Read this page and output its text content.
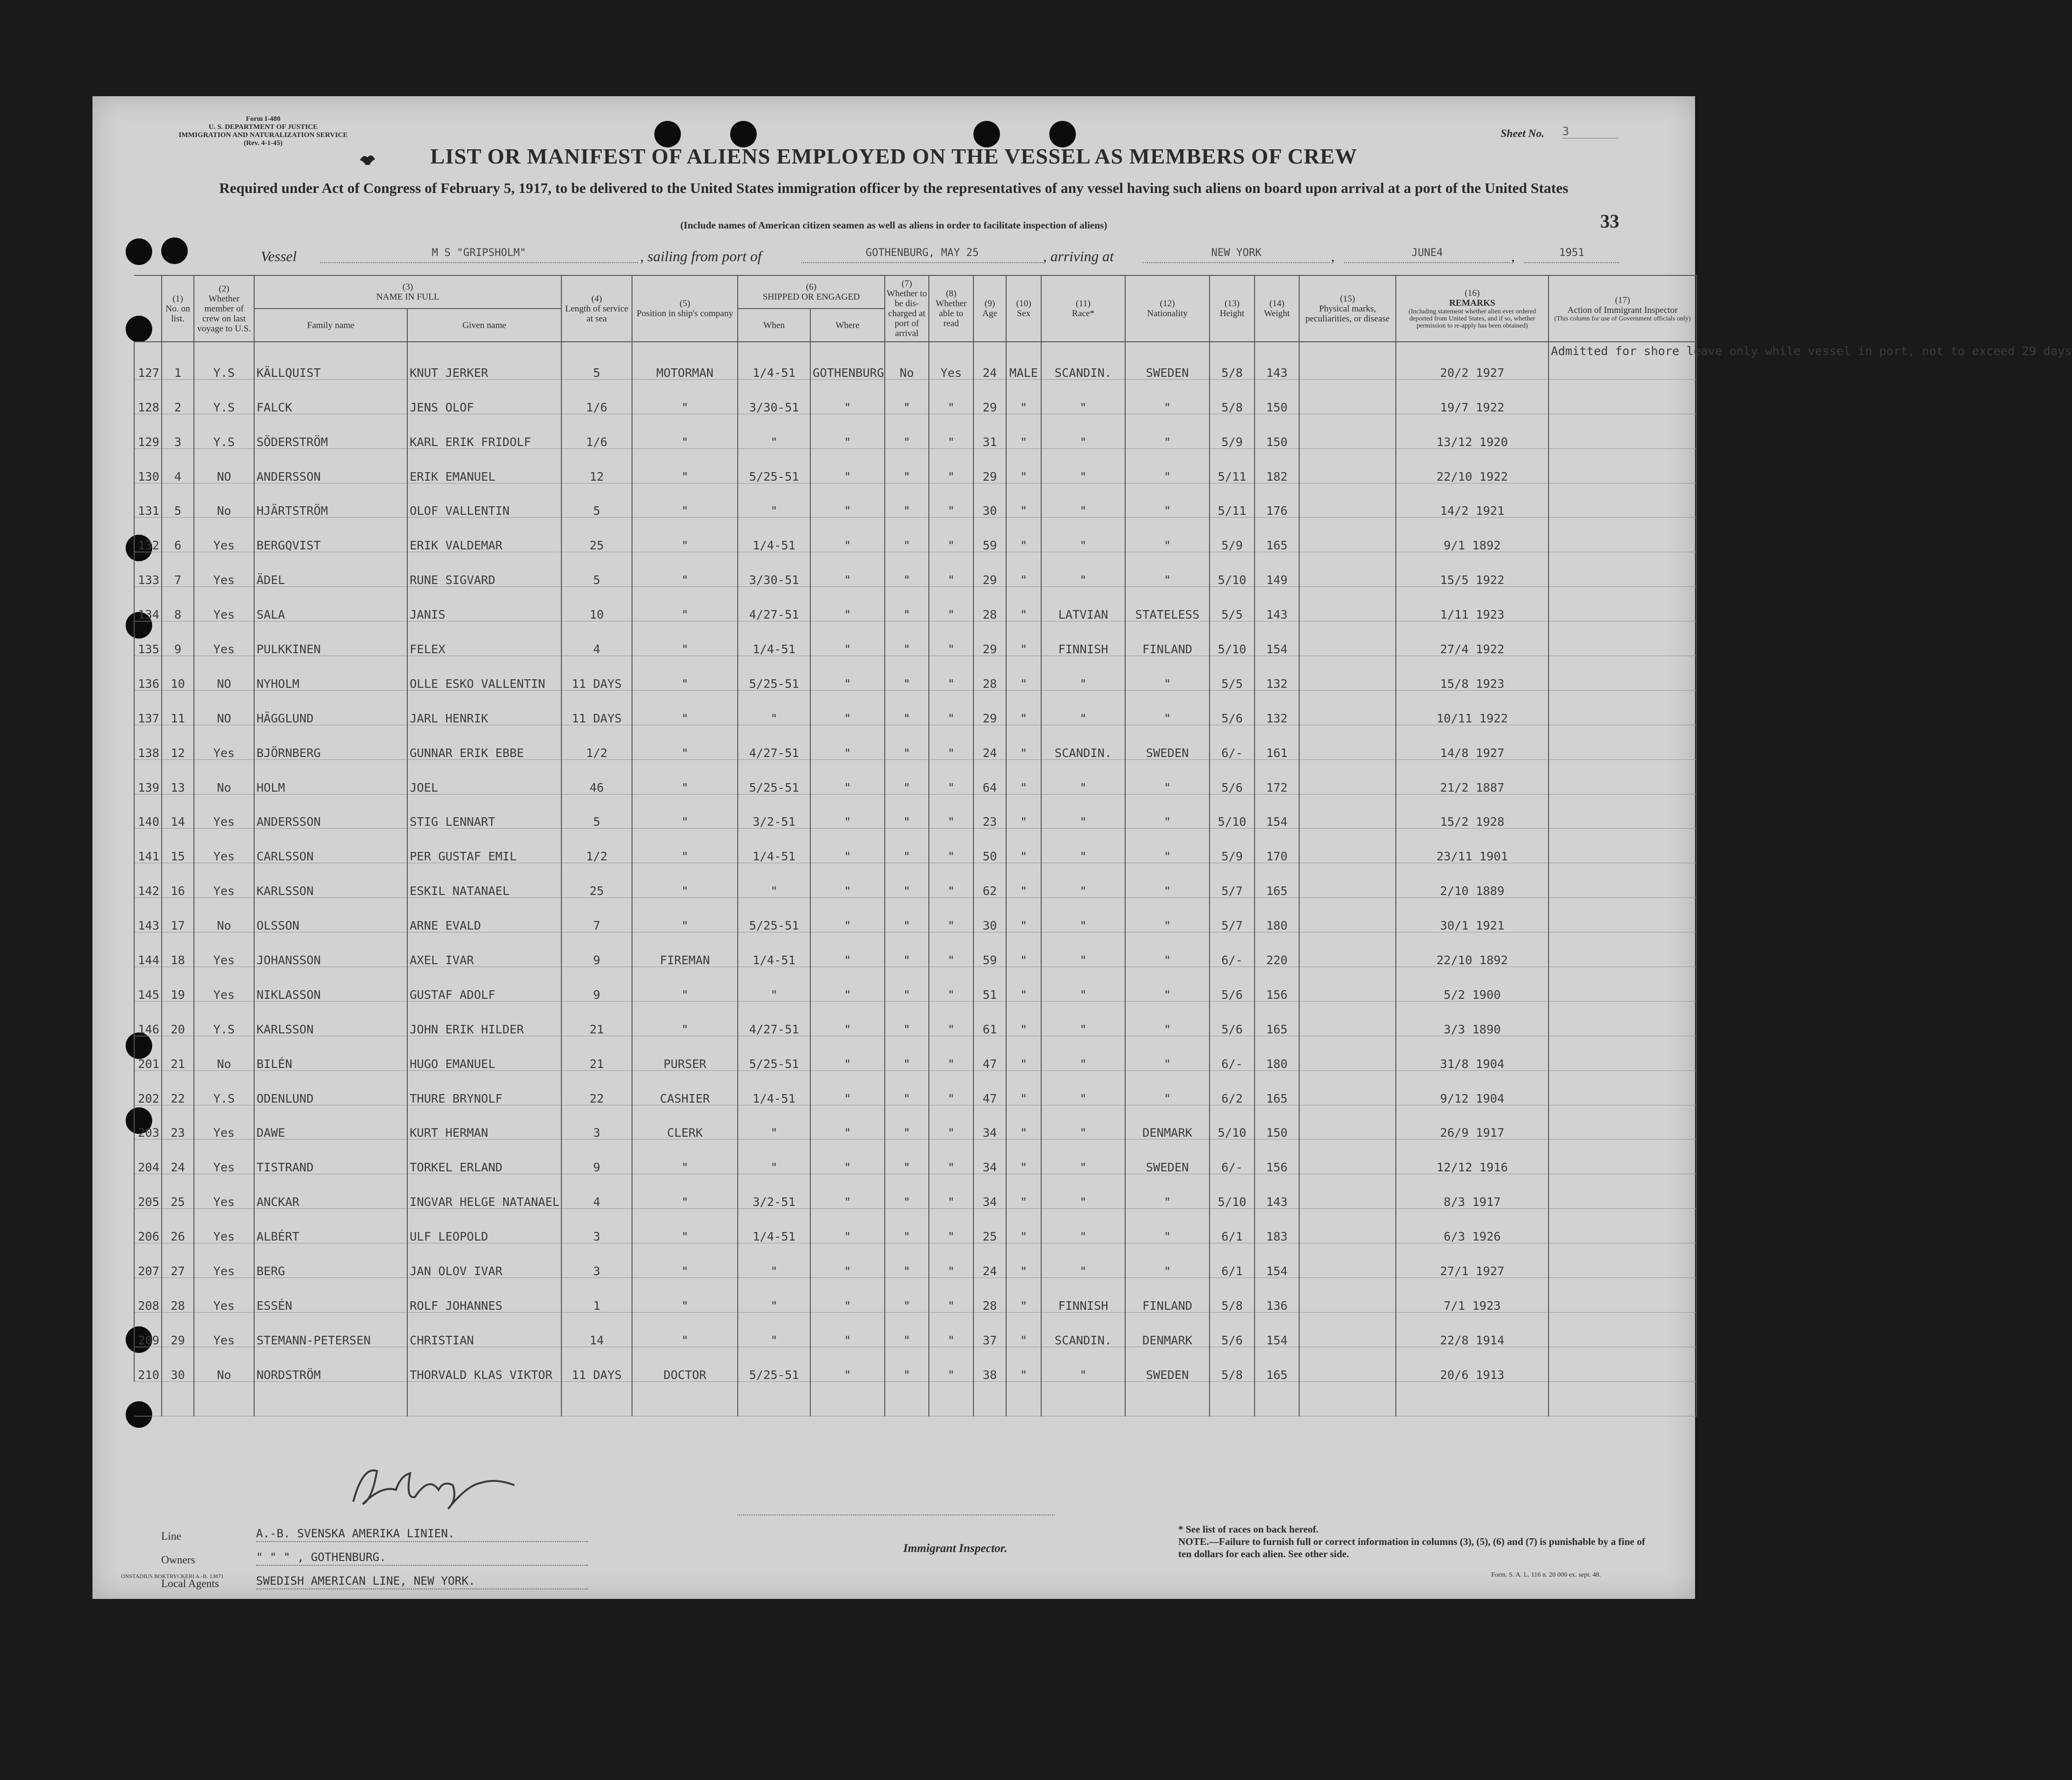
Form I-480
U. S. DEPARTMENT OF JUSTICE
IMMIGRATION AND NATURALIZATION SERVICE
(Rev. 4-1-45)
LIST OR MANIFEST OF ALIENS EMPLOYED ON THE VESSEL AS MEMBERS OF CREW
Required under Act of Congress of February 5, 1917, to be delivered to the United States immigration officer by the representatives of any vessel having such aliens on board upon arrival at a port of the United States
(Include names of American citizen seamen as well as aliens in order to facilitate inspection of aliens)
Sheet No. 3
33
Vessel	M S "GRIPSHOLM"	, sailing from port of	GOTHENBURG, MAY 25	, arriving at	NEW YORK	,	JUNE4	,	1951
	(1)
No. on list.	(2)
Whether member of crew on last voyage to U.S.	(3)
NAME IN FULL		(4)
Length of service at sea	(5)
Position in ship's company	(6)
SHIPPED OR ENGAGED		(7)
Whether to be dis-charged at port of arrival	(8)
Whether able to read	(9)
Age	(10)
Sex	(11)
Race*	(12)
Nationality	(13)
Height	(14)
Weight	(15)
Physical marks, peculiarities, or disease	(16)
REMARKS

(Including statement whether alien ever ordered deported from United States, and if so, whether permission to re-apply has been obtained)	(17)
Action of Immigrant Inspector

(This column for use of Government officials only)

			Family name	Given name			When	Where											
127	1	Y.S	KÄLLQUIST	KNUT JERKER	5	MOTORMAN	1/4-51	GOTHENBURG	No	Yes	24	MALE	SCANDIN.	SWEDEN	5/8	143		20/2 1927	Admitted for shore leave only while vessel in port, not to exceed 29 days
128	2	Y.S	FALCK	JENS OLOF	1/6	"	3/30-51	"	"	"	29	"	"	"	5/8	150		19/7 1922	
129	3	Y.S	SÖDERSTRÖM	KARL ERIK FRIDOLF	1/6	"	"	"	"	"	31	"	"	"	5/9	150		13/12 1920	
130	4	NO	ANDERSSON	ERIK EMANUEL	12	"	5/25-51	"	"	"	29	"	"	"	5/11	182		22/10 1922	
131	5	No	HJÄRTSTRÖM	OLOF VALLENTIN	5	"	"	"	"	"	30	"	"	"	5/11	176		14/2 1921	
132	6	Yes	BERGQVIST	ERIK VALDEMAR	25	"	1/4-51	"	"	"	59	"	"	"	5/9	165		9/1 1892	
133	7	Yes	ÄDEL	RUNE SIGVARD	5	"	3/30-51	"	"	"	29	"	"	"	5/10	149		15/5 1922	
134	8	Yes	SALA	JANIS	10	"	4/27-51	"	"	"	28	"	LATVIAN	STATELESS	5/5	143		1/11 1923	
135	9	Yes	PULKKINEN	FELEX	4	"	1/4-51	"	"	"	29	"	FINNISH	FINLAND	5/10	154		27/4 1922	
136	10	NO	NYHOLM	OLLE ESKO VALLENTIN	11 DAYS	"	5/25-51	"	"	"	28	"	"	"	5/5	132		15/8 1923	
137	11	NO	HÄGGLUND	JARL HENRIK	11 DAYS	"	"	"	"	"	29	"	"	"	5/6	132		10/11 1922	
138	12	Yes	BJÖRNBERG	GUNNAR ERIK EBBE	1/2	"	4/27-51	"	"	"	24	"	SCANDIN.	SWEDEN	6/-	161		14/8 1927	
139	13	No	HOLM	JOEL	46	"	5/25-51	"	"	"	64	"	"	"	5/6	172		21/2 1887	
140	14	Yes	ANDERSSON	STIG LENNART	5	"	3/2-51	"	"	"	23	"	"	"	5/10	154		15/2 1928	
141	15	Yes	CARLSSON	PER GUSTAF EMIL	1/2	"	1/4-51	"	"	"	50	"	"	"	5/9	170		23/11 1901	
142	16	Yes	KARLSSON	ESKIL NATANAEL	25	"	"	"	"	"	62	"	"	"	5/7	165		2/10 1889	
143	17	No	OLSSON	ARNE EVALD	7	"	5/25-51	"	"	"	30	"	"	"	5/7	180		30/1 1921	
144	18	Yes	JOHANSSON	AXEL IVAR	9	FIREMAN	1/4-51	"	"	"	59	"	"	"	6/-	220		22/10 1892	
145	19	Yes	NIKLASSON	GUSTAF ADOLF	9	"	"	"	"	"	51	"	"	"	5/6	156		5/2 1900	
146	20	Y.S	KARLSSON	JOHN ERIK HILDER	21	"	4/27-51	"	"	"	61	"	"	"	5/6	165		3/3 1890	
201	21	No	BILÉN	HUGO EMANUEL	21	PURSER	5/25-51	"	"	"	47	"	"	"	6/-	180		31/8 1904	
202	22	Y.S	ODENLUND	THURE BRYNOLF	22	CASHIER	1/4-51	"	"	"	47	"	"	"	6/2	165		9/12 1904	
203	23	Yes	DAWE	KURT HERMAN	3	CLERK	"	"	"	"	34	"	"	DENMARK	5/10	150		26/9 1917	
204	24	Yes	TISTRAND	TORKEL ERLAND	9	"	"	"	"	"	34	"	"	SWEDEN	6/-	156		12/12 1916	
205	25	Yes	ANCKAR	INGVAR HELGE NATANAEL	4	"	3/2-51	"	"	"	34	"	"	"	5/10	143		8/3 1917	
206	26	Yes	ALBÉRT	ULF LEOPOLD	3	"	1/4-51	"	"	"	25	"	"	"	6/1	183		6/3 1926	
207	27	Yes	BERG	JAN OLOV IVAR	3	"	"	"	"	"	24	"	"	"	6/1	154		27/1 1927	
208	28	Yes	ESSÉN	ROLF JOHANNES	1	"	"	"	"	"	28	"	FINNISH	FINLAND	5/8	136		7/1 1923	
209	29	Yes	STEMANN-PETERSEN	CHRISTIAN	14	"	"	"	"	"	37	"	SCANDIN.	DENMARK	5/6	154		22/8 1914	
210	30	No	NORDSTRÖM	THORVALD KLAS VIKTOR	11 DAYS	DOCTOR	5/25-51	"	"	"	38	"	"	SWEDEN	5/8	165		20/6 1913	

Line	A.-B. SVENSKA AMERIKA LINIEN.
Owners	" " " , GOTHENBURG.
Local Agents	SWEDISH AMERICAN LINE, NEW YORK.
Immigrant Inspector.
* See list of races on back hereof.
NOTE.—Failure to furnish full or correct information in columns (3), (5), (6) and (7) is punishable by a fine of ten dollars for each alien. See other side.
ONSTADIUS BOKTRYCKERI A.-B. 13871	Form. S. A. L. 116 n. 20 000 ex. sept. 48.
